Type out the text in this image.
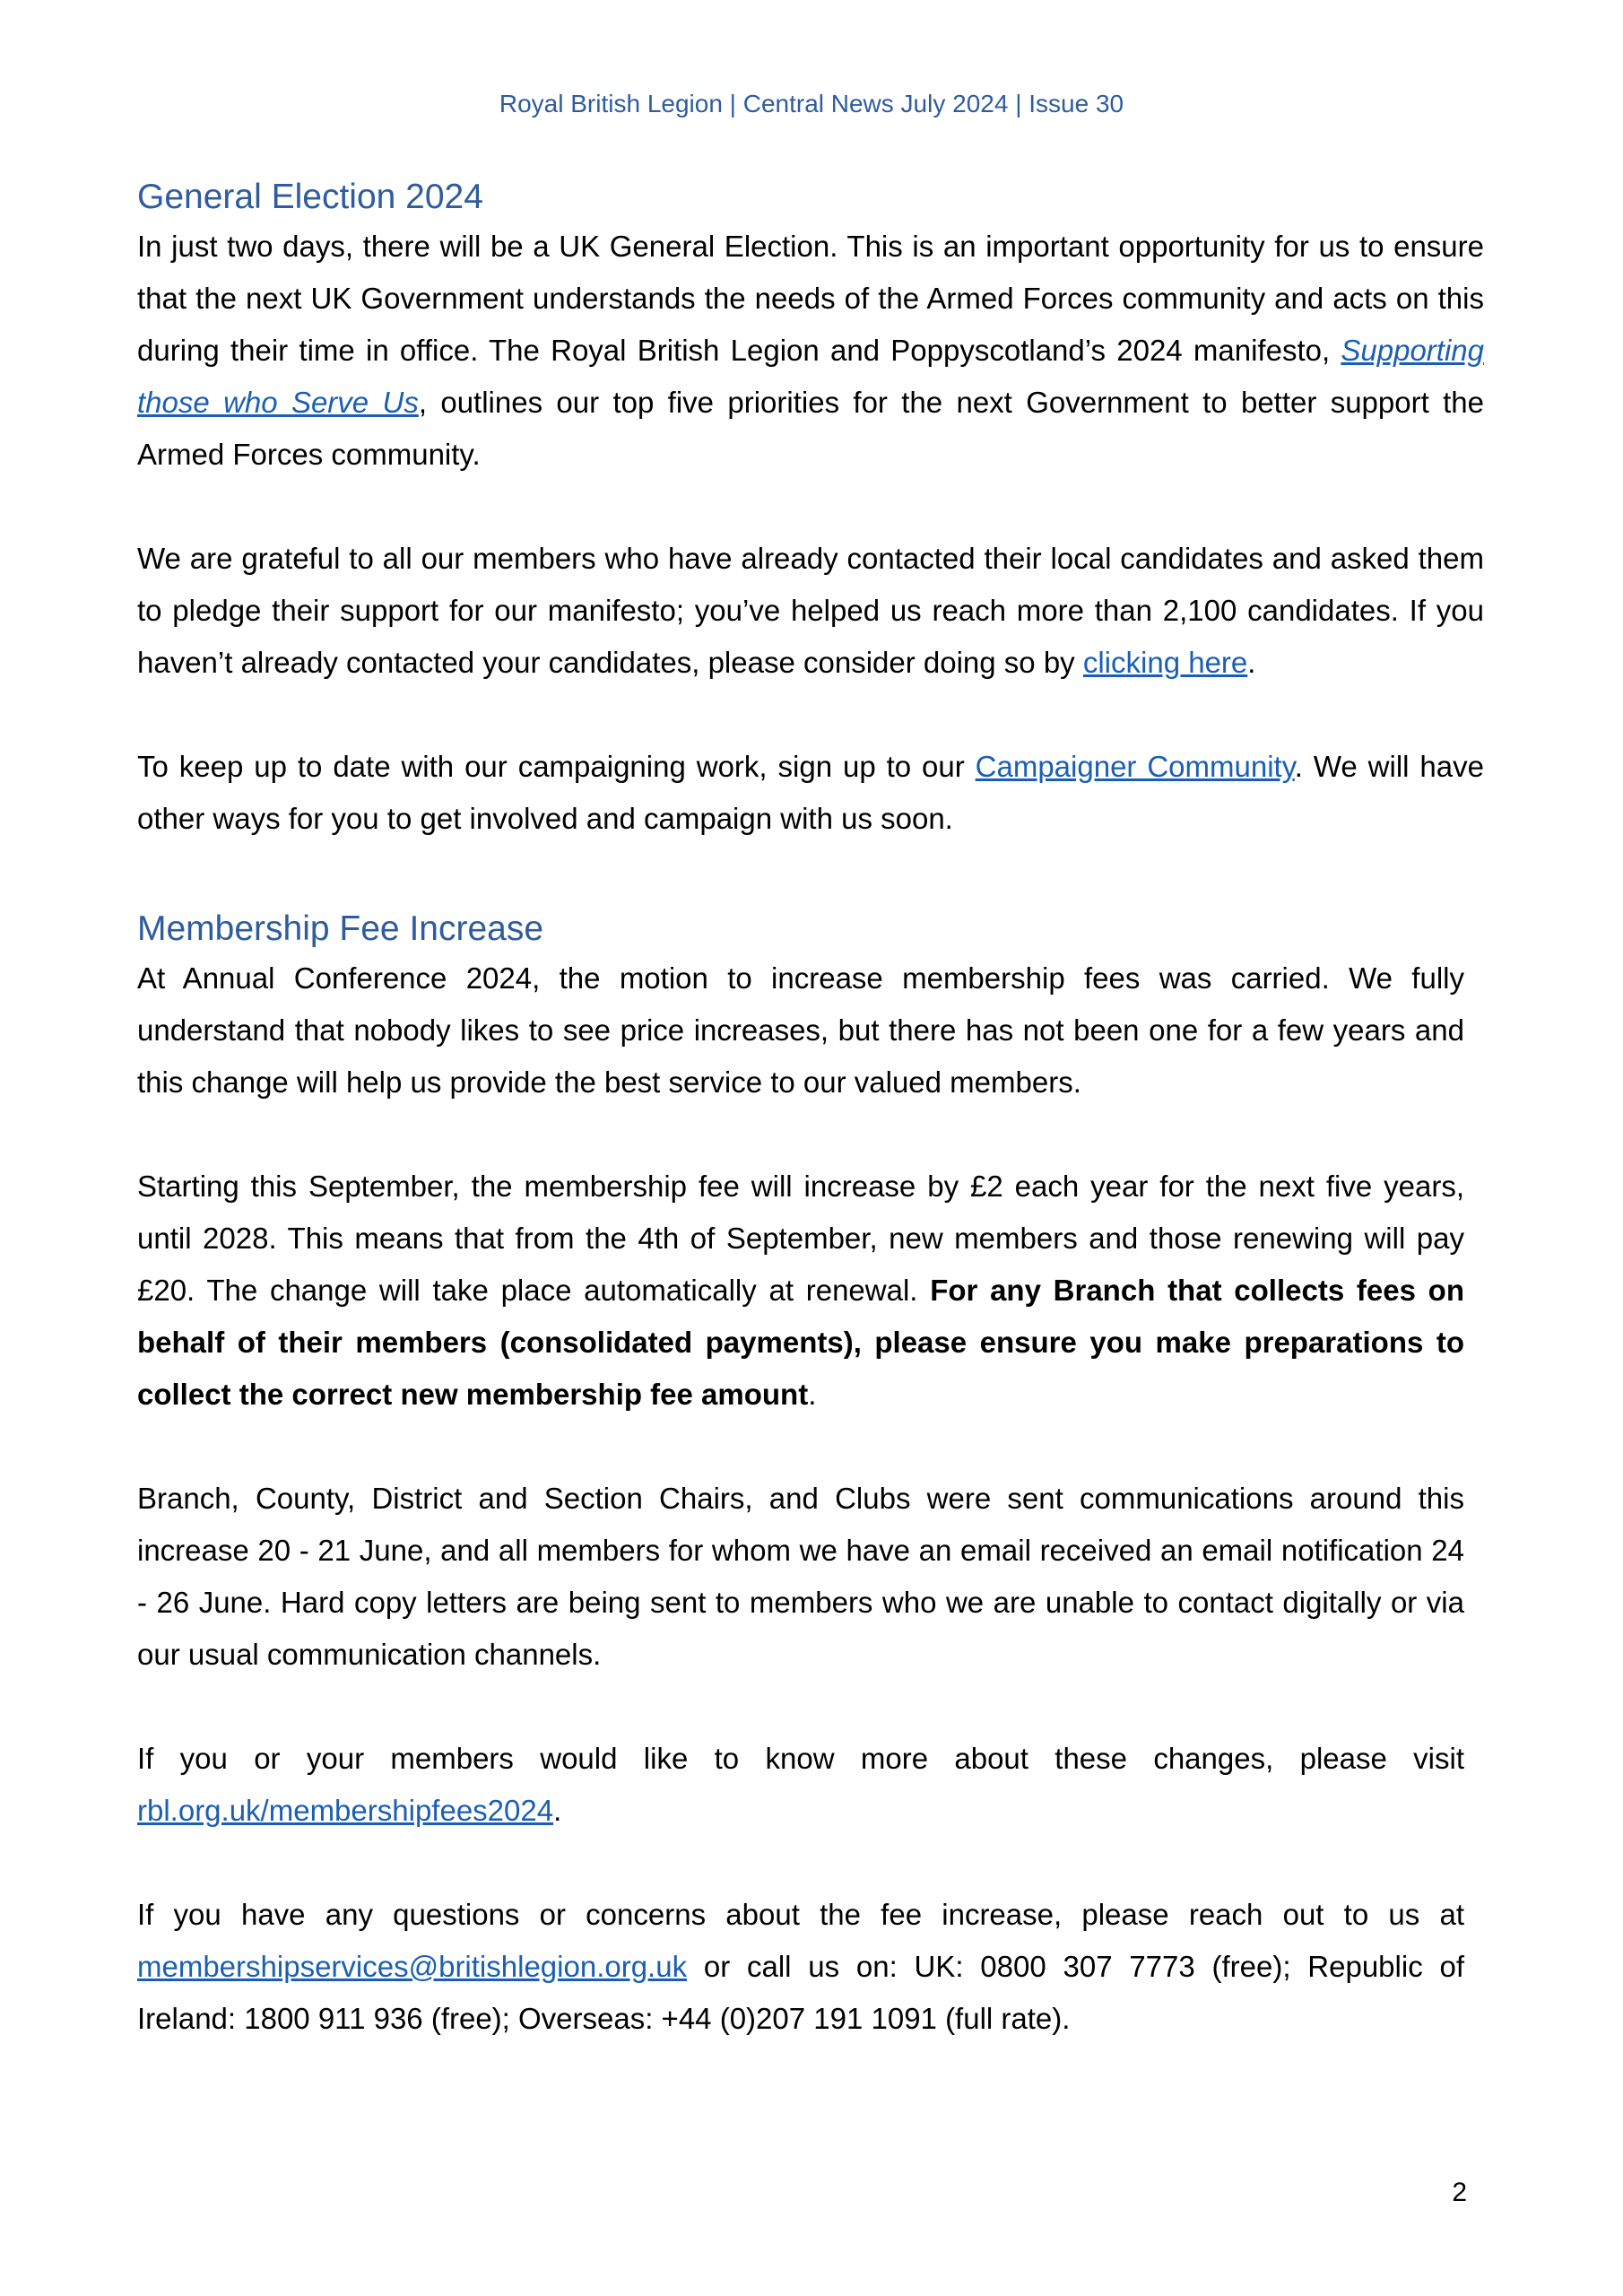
Royal British Legion | Central News July 2024 | Issue 30
General Election 2024

In just two days, there will be a UK General Election. This is an important opportunity for us to ensure that the next UK Government understands the needs of the Armed Forces community and acts on this during their time in office. The Royal British Legion and Poppyscotland’s 2024 manifesto, Supporting those who Serve Us, outlines our top five priorities for the next Government to better support the Armed Forces community.

We are grateful to all our members who have already contacted their local candidates and asked them to pledge their support for our manifesto; you’ve helped us reach more than 2,100 candidates. If you haven’t already contacted your candidates, please consider doing so by clicking here.

To keep up to date with our campaigning work, sign up to our Campaigner Community. We will have other ways for you to get involved and campaign with us soon.

Membership Fee Increase

At Annual Conference 2024, the motion to increase membership fees was carried. We fully understand that nobody likes to see price increases, but there has not been one for a few years and this change will help us provide the best service to our valued members.

Starting this September, the membership fee will increase by £2 each year for the next five years, until 2028. This means that from the 4th of September, new members and those renewing will pay £20. The change will take place automatically at renewal. For any Branch that collects fees on behalf of their members (consolidated payments), please ensure you make preparations to collect the correct new membership fee amount.

Branch, County, District and Section Chairs, and Clubs were sent communications around this increase 20 - 21 June, and all members for whom we have an email received an email notification 24 - 26 June. Hard copy letters are being sent to members who we are unable to contact digitally or via our usual communication channels.

If you or your members would like to know more about these changes, please visit rbl.org.uk/membershipfees2024.

If you have any questions or concerns about the fee increase, please reach out to us at membershipservices@britishlegion.org.uk or call us on: UK: 0800 307 7773 (free); Republic of Ireland: 1800 911 936 (free); Overseas: +44 (0)207 191 1091 (full rate).

2
